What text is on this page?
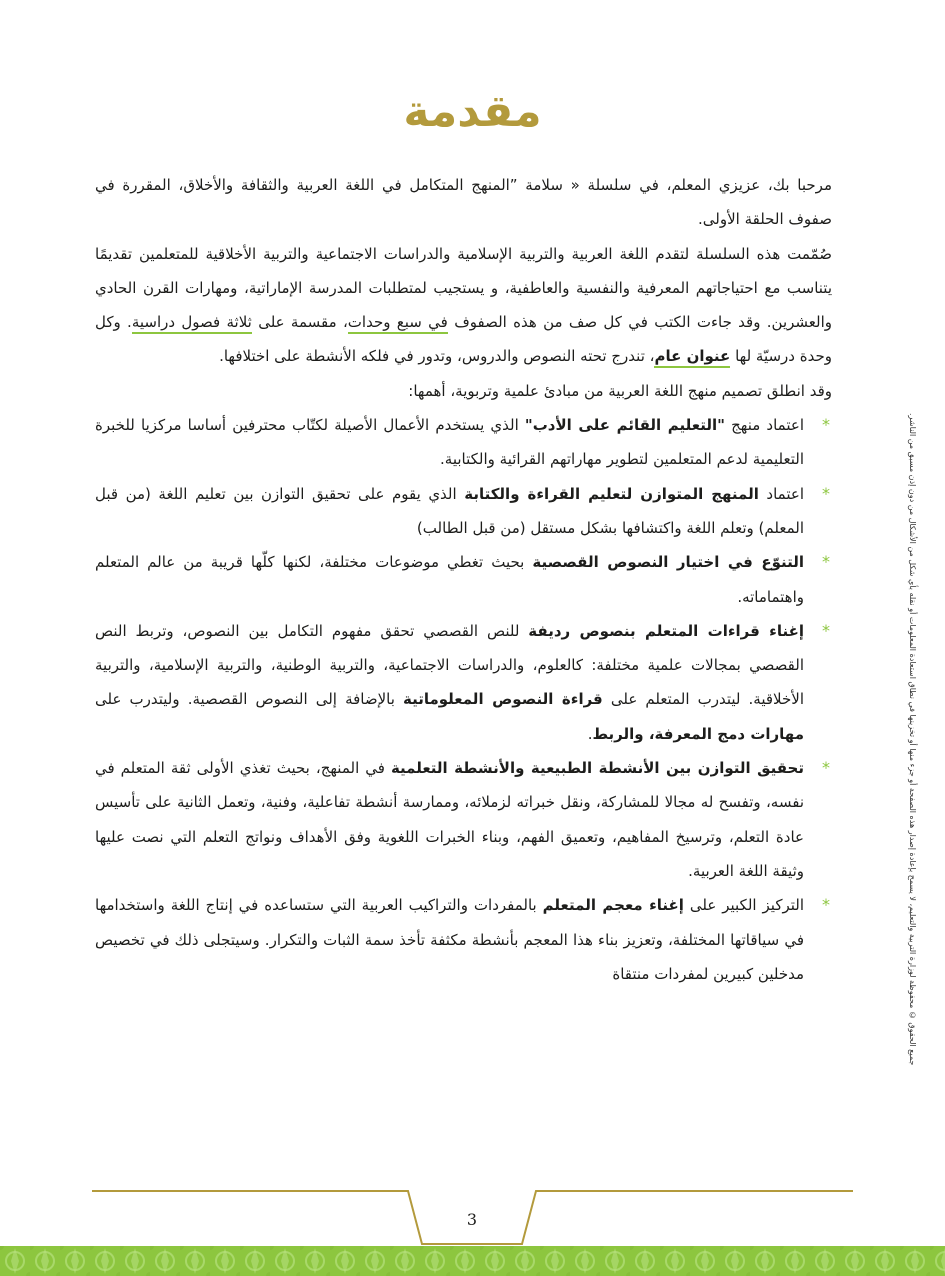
مقدمة

مرحبا بك، عزيزي المعلم، في سلسلة « سلامة ”المنهج المتكامل في اللغة العربية والثقافة والأخلاق، المقررة في صفوف الحلقة الأولى.

صُمّمت هذه السلسلة لتقدم اللغة العربية والتربية الإسلامية والدراسات الاجتماعية والتربية الأخلاقية للمتعلمين تقديمًا يتناسب مع احتياجاتهم المعرفية والنفسية والعاطفية، و يستجيب لمتطلبات المدرسة الإماراتية، ومهارات القرن الحادي والعشرين. وقد جاءت الكتب في كل صف من هذه الصفوف في سبع وحدات، مقسمة على ثلاثة فصول دراسية. وكل وحدة درسيّة لها عنوان عام، تندرج تحته النصوص والدروس، وتدور في فلكه الأنشطة على اختلافها.

وقد انطلق تصميم منهج اللغة العربية من مبادئ علمية وتربوية، أهمها:

*
اعتماد منهج "التعليم القائم على الأدب" الذي يستخدم الأعمال الأصيلة لكتّاب محترفين أساسا مركزيا للخبرة التعليمية لدعم المتعلمين لتطوير مهاراتهم القرائية والكتابية.
*
اعتماد المنهج المتوازن لتعليم القراءة والكتابة الذي يقوم على تحقيق التوازن بين تعليم اللغة (من قبل المعلم) وتعلم اللغة واكتشافها بشكل مستقل (من قبل الطالب)
*
التنوّع في اختيار النصوص القصصية بحيث تغطي موضوعات مختلفة، لكنها كلّها قريبة من عالم المتعلم واهتماماته.
*
إغناء قراءات المتعلم بنصوص رديفة للنص القصصي تحقق مفهوم التكامل بين النصوص، وتربط النص القصصي بمجالات علمية مختلفة: كالعلوم، والدراسات الاجتماعية، والتربية الوطنية، والتربية الإسلامية، والتربية الأخلاقية. ليتدرب المتعلم على قراءة النصوص المعلوماتية بالإضافة إلى النصوص القصصية. وليتدرب على مهارات دمج المعرفة، والربط.
*
تحقيق التوازن بين الأنشطة الطبيعية والأنشطة التعلمية في المنهج، بحيث تغذي الأولى ثقة المتعلم في نفسه، وتفسح له مجالا للمشاركة، ونقل خبراته لزملائه، وممارسة أنشطة تفاعلية، وفنية، وتعمل الثانية على تأسيس عادة التعلم، وترسيخ المفاهيم، وتعميق الفهم، وبناء الخبرات اللغوية وفق الأهداف ونواتج التعلم التي نصت عليها وثيقة اللغة العربية.
*
التركيز الكبير على إغناء معجم المتعلم بالمفردات والتراكيب العربية التي ستساعده في إنتاج اللغة واستخدامها في سياقاتها المختلفة، وتعزيز بناء هذا المعجم بأنشطة مكثفة تأخذ سمة الثبات والتكرار. وسيتجلى ذلك في تخصيص مدخلين كبيرين لمفردات منتقاة	جميع الحقوق © محفوظة لوزارة التربية والتعليم، لا يسمح بإعادة إصدار هذه الصفحة أو جزء منها أو تخزينها في نطاق استعادة المعلومات أو نقله بأي شكل من الأشكال من دون إذن مسبق من الناشر.
3
